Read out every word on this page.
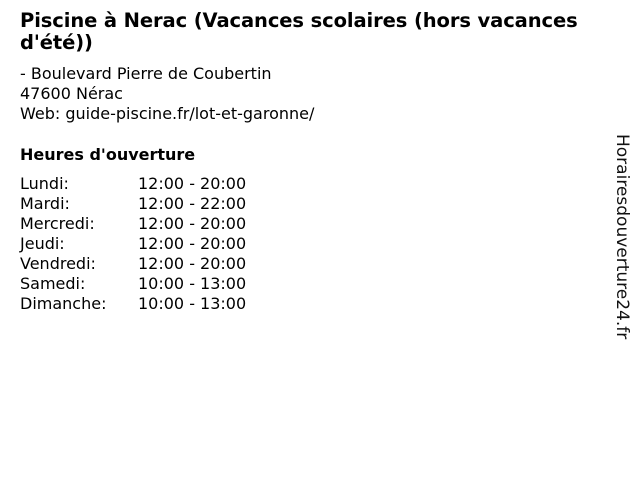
Piscine à Nerac (Vacances scolaires (hors vacances d'été))
- Boulevard Pierre de Coubertin
47600 Nérac
Web: guide-piscine.fr/lot-et-garonne/
Heures d'ouverture
Lundi:	12:00 - 20:00
Mardi:	12:00 - 22:00
Mercredi:	12:00 - 20:00
Jeudi:	12:00 - 20:00
Vendredi:	12:00 - 20:00
Samedi:	10:00 - 13:00
Dimanche: 10:00 - 13:00	Horairesdouverture24.fr
